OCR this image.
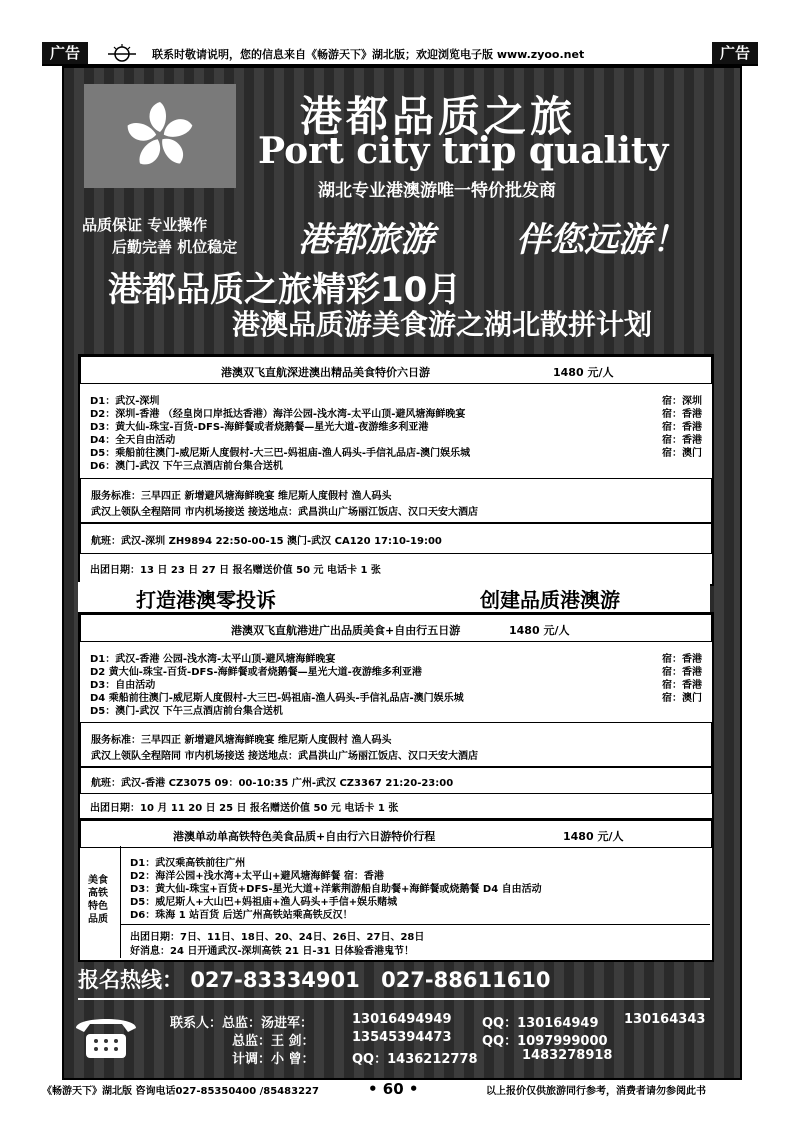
广告	联系时敬请说明，您的信息来自《畅游天下》湖北版；欢迎浏览电子版 www.zyoo.net	广告
港都品质之旅
Port city trip quality
湖北专业港澳游唯一特价批发商
品质保证 专业操作
后勤完善 机位稳定 港都旅游 伴您远游！
港都品质之旅精彩10月
港澳品质游美食游之湖北散拼计划
港澳双飞直航深进澳出精品美食特价六日游	1480 元/人
D1：武汉-深圳	宿：深圳
D2：深圳-香港 （经皇岗口岸抵达香港）海洋公园-浅水湾-太平山顶-避风塘海鲜晚宴	宿：香港
D3：黄大仙-珠宝-百货-DFS-海鲜餐或者烧鹅餐—星光大道-夜游维多利亚港	宿：香港
D4：全天自由活动	宿：香港
D5：乘船前往澳门-威尼斯人度假村-大三巴-妈祖庙-渔人码头-手信礼品店-澳门娱乐城	宿：澳门
D6：澳门-武汉 下午三点酒店前台集合送机
服务标准：三早四正 新增避风塘海鲜晚宴 维尼斯人度假村 渔人码头
武汉上领队全程陪同 市内机场接送 接送地点：武昌洪山广场丽江饭店、汉口天安大酒店
航班：武汉-深圳 ZH9894 22:50-00-15 澳门-武汉 CA120 17:10-19:00
出团日期：13 日 23 日 27 日 报名赠送价值 50 元 电话卡 1 张
打造港澳零投诉	创建品质港澳游
港澳双飞直航港进广出品质美食+自由行五日游	1480 元/人
D1：武汉-香港 公园-浅水湾-太平山顶-避风塘海鲜晚宴	宿：香港
D2 黄大仙-珠宝-百货-DFS-海鲜餐或者烧鹅餐—星光大道-夜游维多利亚港	宿：香港
D3：自由活动	宿：香港
D4 乘船前往澳门-威尼斯人度假村-大三巴-妈祖庙-渔人码头-手信礼品店-澳门娱乐城	宿：澳门
D5：澳门-武汉 下午三点酒店前台集合送机
服务标准：三早四正 新增避风塘海鲜晚宴 维尼斯人度假村 渔人码头
武汉上领队全程陪同 市内机场接送 接送地点：武昌洪山广场丽江饭店、汉口天安大酒店
航班：武汉-香港 CZ3075 09：00-10:35 广州-武汉 CZ3367 21:20-23:00
出团日期：10 月 11 20 日 25 日 报名赠送价值 50 元 电话卡 1 张
港澳单动单高铁特色美食品质+自由行六日游特价行程	1480 元/人
美食
高铁
特色
品质
D1：武汉乘高铁前往广州
D2：海洋公园+浅水湾+太平山+避风塘海鲜餐 宿：香港
D3：黄大仙-珠宝+百货+DFS-星光大道+洋紫荆游船自助餐+海鲜餐或烧鹅餐 D4 自由活动
D5：威尼斯人+大山巴+妈祖庙+渔人码头+手信+娱乐赌城
D6：珠海 1 站百货 后送广州高铁站乘高铁反汉！
出团日期：7日、11日、18日、20、24日、26日、27日、28日
好消息：24 日开通武汉-深圳高铁 21 日-31 日体验香港鬼节！
报名热线： 027-83334901 027-88611610
联系人：总监：汤进军：	13016494949 QQ：130164949 130164343
总监：王 剑：	13545394473 QQ：1097999000
计调：小 曾：	QQ：1436212778	1483278918
《畅游天下》湖北版 咨询电话027-85350400 /85483227	• 60 •	以上报价仅供旅游同行参考，消费者请勿参阅此书
